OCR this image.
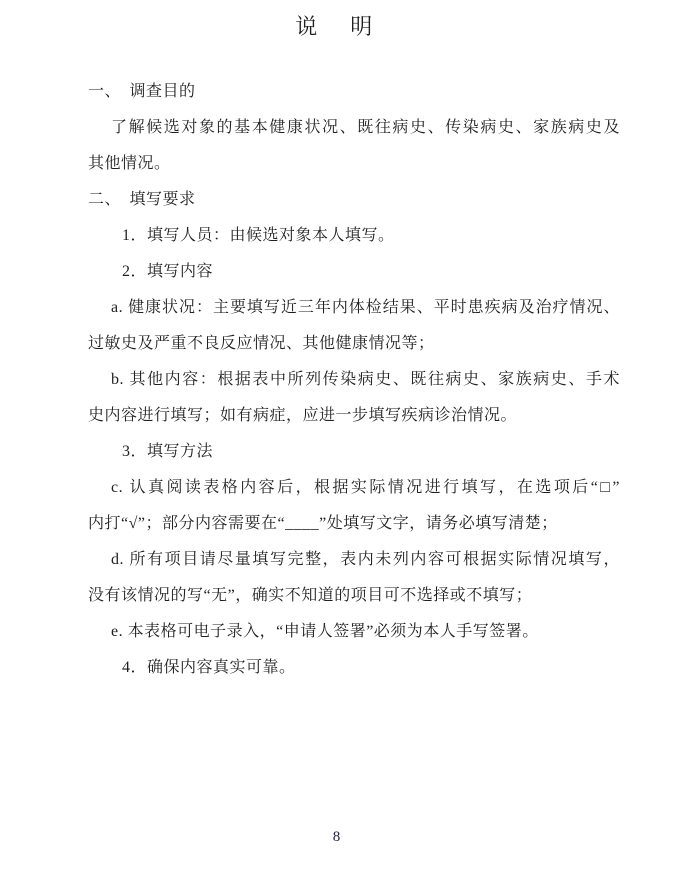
说　明
一、　调查目的
了解候选对象的基本健康状况、既往病史、传染病史、家族病史及
其他情况。
二、　填写要求
1．填写人员：由候选对象本人填写。
2．填写内容
a. 健康状况：主要填写近三年内体检结果、平时患疾病及治疗情况、
过敏史及严重不良反应情况、其他健康情况等；
b. 其他内容：根据表中所列传染病史、既往病史、家族病史、手术
史内容进行填写；如有病症，应进一步填写疾病诊治情况。
3．填写方法
c. 认真阅读表格内容后，根据实际情况进行填写，在选项后“□”
内打“√”；部分内容需要在“____”处填写文字，请务必填写清楚；
d. 所有项目请尽量填写完整，表内未列内容可根据实际情况填写，
没有该情况的写“无”，确实不知道的项目可不选择或不填写；
e. 本表格可电子录入，“申请人签署”必须为本人手写签署。
4．确保内容真实可靠。
8
